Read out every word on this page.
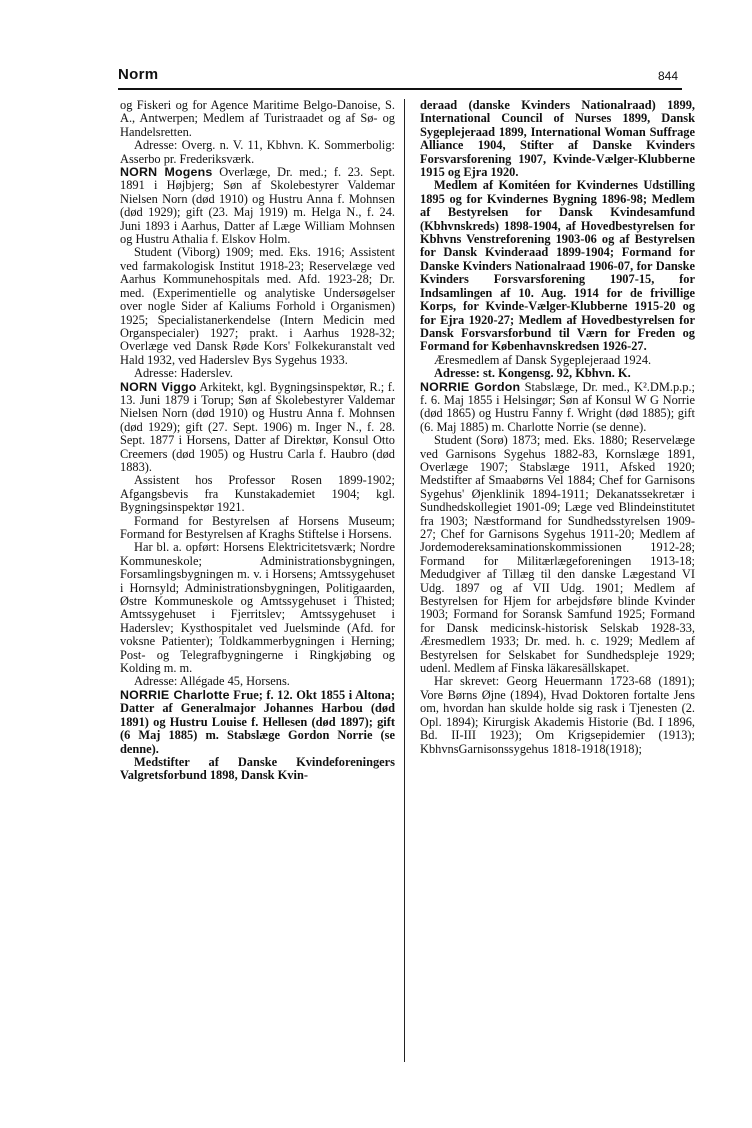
Norm	844

og Fiskeri og for Agence Maritime Belgo-Danoise, S. A., Antwerpen; Medlem af Turistraadet og af Sø- og Handelsretten.

Adresse: Overg. n. V. 11, Kbhvn. K. Sommerbolig: Asserbo pr. Frederiksværk.

NORN Mogens Overlæge, Dr. med.; f. 23. Sept. 1891 i Højbjerg; Søn af Skolebestyrer Valdemar Nielsen Norn (død 1910) og Hustru Anna f. Mohnsen (død 1929); gift (23. Maj 1919) m. Helga N., f. 24. Juni 1893 i Aarhus, Datter af Læge William Mohnsen og Hustru Athalia f. Elskov Holm.

Student (Viborg) 1909; med. Eks. 1916; Assistent ved farmakologisk Institut 1918-23; Reservelæge ved Aarhus Kommunehospitals med. Afd. 1923-28; Dr. med. (Experimentielle og analytiske Undersøgelser over nogle Sider af Kaliums Forhold i Organismen) 1925; Specialistanerkendelse (Intern Medicin med Organspecialer) 1927; prakt. i Aarhus 1928-32; Overlæge ved Dansk Røde Kors' Folkekuranstalt ved Hald 1932, ved Haderslev Bys Sygehus 1933.

Adresse: Haderslev.

NORN Viggo Arkitekt, kgl. Bygningsinspektør, R.; f. 13. Juni 1879 i Torup; Søn af Skolebestyrer Valdemar Nielsen Norn (død 1910) og Hustru Anna f. Mohnsen (død 1929); gift (27. Sept. 1906) m. Inger N., f. 28. Sept. 1877 i Horsens, Datter af Direktør, Konsul Otto Creemers (død 1905) og Hustru Carla f. Haubro (død 1883).

Assistent hos Professor Rosen 1899-1902; Afgangsbevis fra Kunstakademiet 1904; kgl. Bygningsinspektør 1921.

Formand for Bestyrelsen af Horsens Museum; Formand for Bestyrelsen af Kraghs Stiftelse i Horsens.

Har bl. a. opført: Horsens Elektricitetsværk; Nordre Kommuneskole; Administrationsbygningen, Forsamlingsbygningen m. v. i Horsens; Amtssygehuset i Hornsyld; Administrationsbygningen, Politigaarden, Østre Kommuneskole og Amtssygehuset i Thisted; Amtssygehuset i Fjerritslev; Amtssygehuset i Haderslev; Kysthospitalet ved Juelsminde (Afd. for voksne Patienter); Toldkammerbygningen i Herning; Post- og Telegrafbygningerne i Ringkjøbing og Kolding m. m.

Adresse: Allégade 45, Horsens.

NORRIE Charlotte Frue; f. 12. Okt 1855 i Altona; Datter af Generalmajor Johannes Harbou (død 1891) og Hustru Louise f. Hellesen (død 1897); gift (6 Maj 1885) m. Stabslæge Gordon Norrie (se denne).

Medstifter af Danske Kvindeforeningers Valgretsforbund 1898, Dansk Kvin-

deraad (danske Kvinders Nationalraad) 1899, International Council of Nurses 1899, Dansk Sygeplejeraad 1899, International Woman Suffrage Alliance 1904, Stifter af Danske Kvinders Forsvarsforening 1907, Kvinde-Vælger-Klubberne 1915 og Ejra 1920.

Medlem af Komitéen for Kvindernes Udstilling 1895 og for Kvindernes Bygning 1896-98; Medlem af Bestyrelsen for Dansk Kvindesamfund (Kbhvnskreds) 1898-1904, af Hovedbestyrelsen for Kbhvns Venstreforening 1903-06 og af Bestyrelsen for Dansk Kvinderaad 1899-1904; Formand for Danske Kvinders Nationalraad 1906-07, for Danske Kvinders Forsvarsforening 1907-15, for Indsamlingen af 10. Aug. 1914 for de frivillige Korps, for Kvinde-Vælger-Klubberne 1915-20 og for Ejra 1920-27; Medlem af Hovedbestyrelsen for Dansk Forsvarsforbund til Værn for Freden og Formand for Københavnskredsen 1926-27.

Æresmedlem af Dansk Sygeplejeraad 1924.

Adresse: st. Kongensg. 92, Kbhvn. K.

NORRIE Gordon Stabslæge, Dr. med., K².DM.p.p.; f. 6. Maj 1855 i Helsingør; Søn af Konsul W G Norrie (død 1865) og Hustru Fanny f. Wright (død 1885); gift (6. Maj 1885) m. Charlotte Norrie (se denne).

Student (Sorø) 1873; med. Eks. 1880; Reservelæge ved Garnisons Sygehus 1882-83, Kornslæge 1891, Overlæge 1907; Stabslæge 1911, Afsked 1920; Medstifter af Smaabørns Vel 1884; Chef for Garnisons Sygehus' Øjenklinik 1894-1911; Dekanatssekretær i Sundhedskollegiet 1901-09; Læge ved Blindeinstitutet fra 1903; Næstformand for Sundhedsstyrelsen 1909-27; Chef for Garnisons Sygehus 1911-20; Medlem af Jordemodereksaminationskommissionen 1912-28; Formand for Militærlægeforeningen 1913-18; Medudgiver af Tillæg til den danske Lægestand VI Udg. 1897 og af VII Udg. 1901; Medlem af Bestyrelsen for Hjem for arbejdsføre blinde Kvinder 1903; Formand for Soransk Samfund 1925; Formand for Dansk medicinsk-historisk Selskab 1928-33, Æresmedlem 1933; Dr. med. h. c. 1929; Medlem af Bestyrelsen for Selskabet for Sundhedspleje 1929; udenl. Medlem af Finska läkaresällskapet.

Har skrevet: Georg Heuermann 1723-68 (1891); Vore Børns Øjne (1894), Hvad Doktoren fortalte Jens om, hvordan han skulde holde sig rask i Tjenesten (2. Opl. 1894); Kirurgisk Akademis Historie (Bd. I 1896, Bd. II-III 1923); Om Krigsepidemier (1913); KbhvnsGarnisonssygehus 1818-1918(1918);
